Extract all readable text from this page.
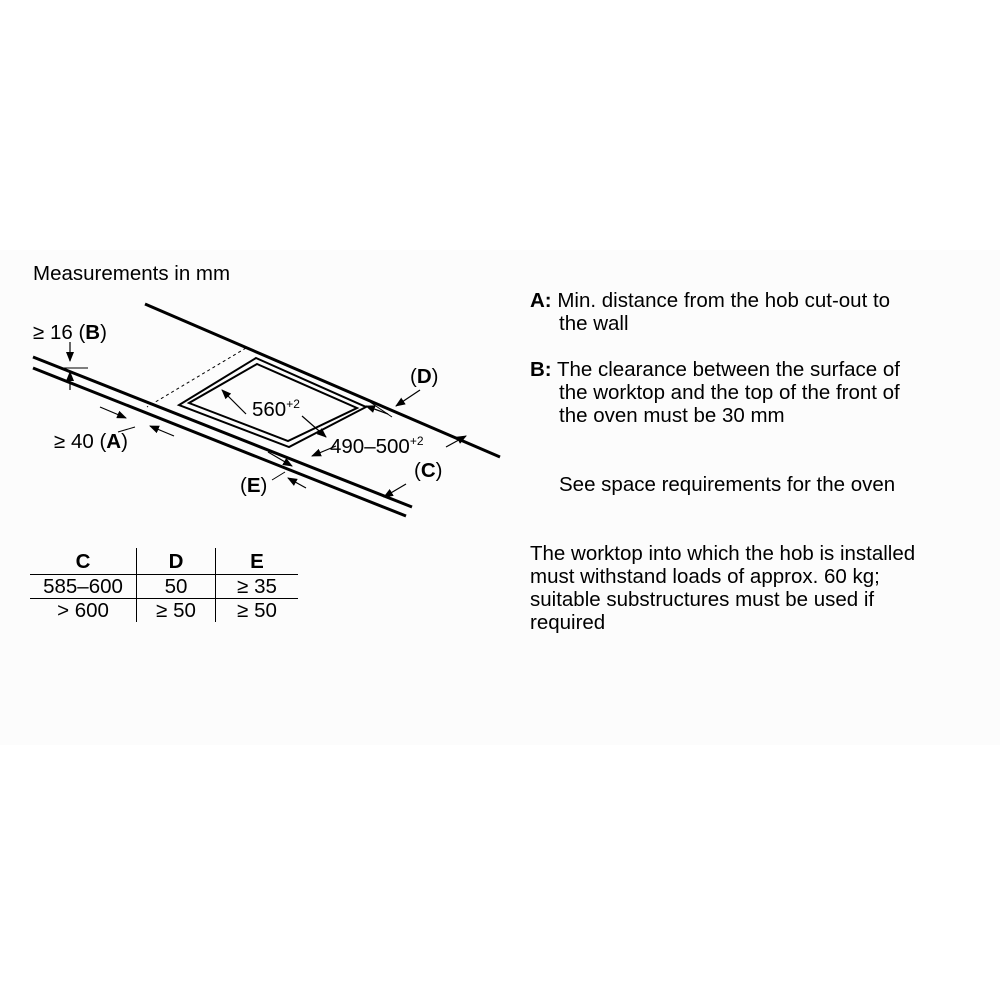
Measurements in mm
≥ 16 (B)
≥ 40 (A)
$560^{+2}$
$490-500^{+2}$
(D)
(C)
(E)
C	D	E
585–600	50	≥ 35
> 600	≥ 50	≥ 50
A: Min. distance from the hob cut-out to
the wall
B: The clearance between the surface of
the worktop and the top of the front of
the oven must be 30 mm
See space requirements for the oven
The worktop into which the hob is installed
must withstand loads of approx. 60 kg;
suitable substructures must be used if
required
